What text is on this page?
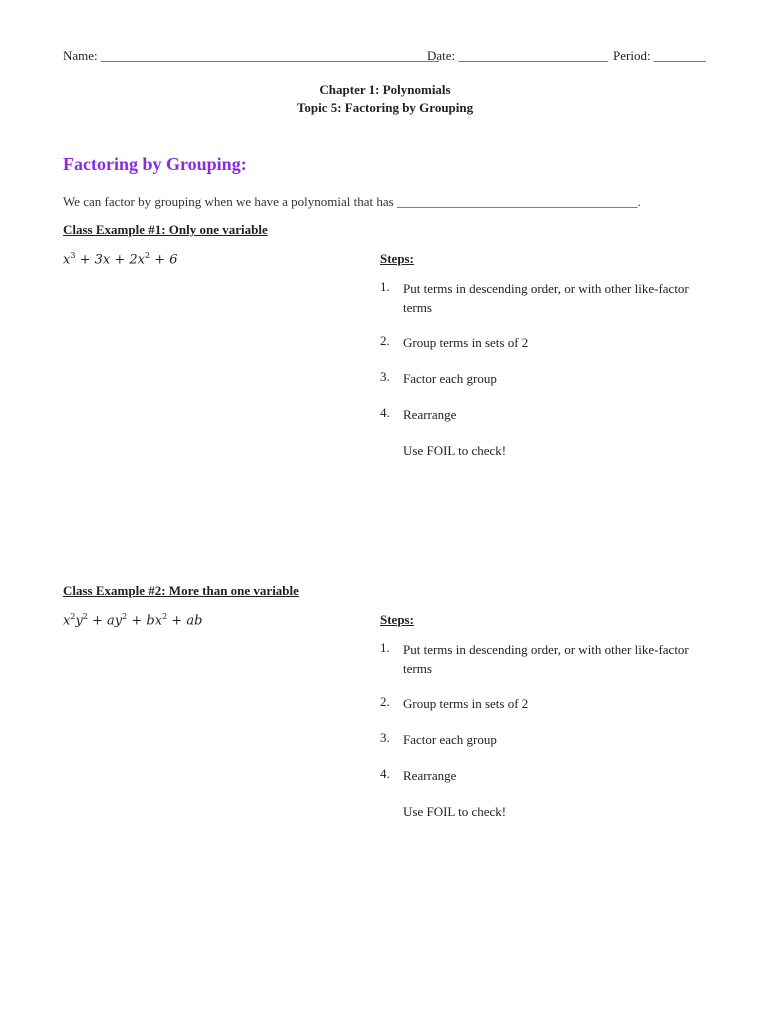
Name: ____________________________________________________
Date: _______________________ Period: ________
Chapter 1: Polynomials
Topic 5: Factoring by Grouping
Factoring by Grouping:
We can factor by grouping when we have a polynomial that has _____________________________________.
Class Example #1: Only one variable
$x^3 + 3x + 2x^2 + 6$	Steps:
1. Put terms in descending order, or with other like-factor terms
2. Group terms in sets of 2
3. Factor each group
4. Rearrange
Use FOIL to check!
Class Example #2: More than one variable
$x^2y^2 + ay^2 + bx^2$ + ab	Steps:
1. Put terms in descending order, or with other like-factor terms
2. Group terms in sets of 2
3. Factor each group
4. Rearrange
Use FOIL to check!
